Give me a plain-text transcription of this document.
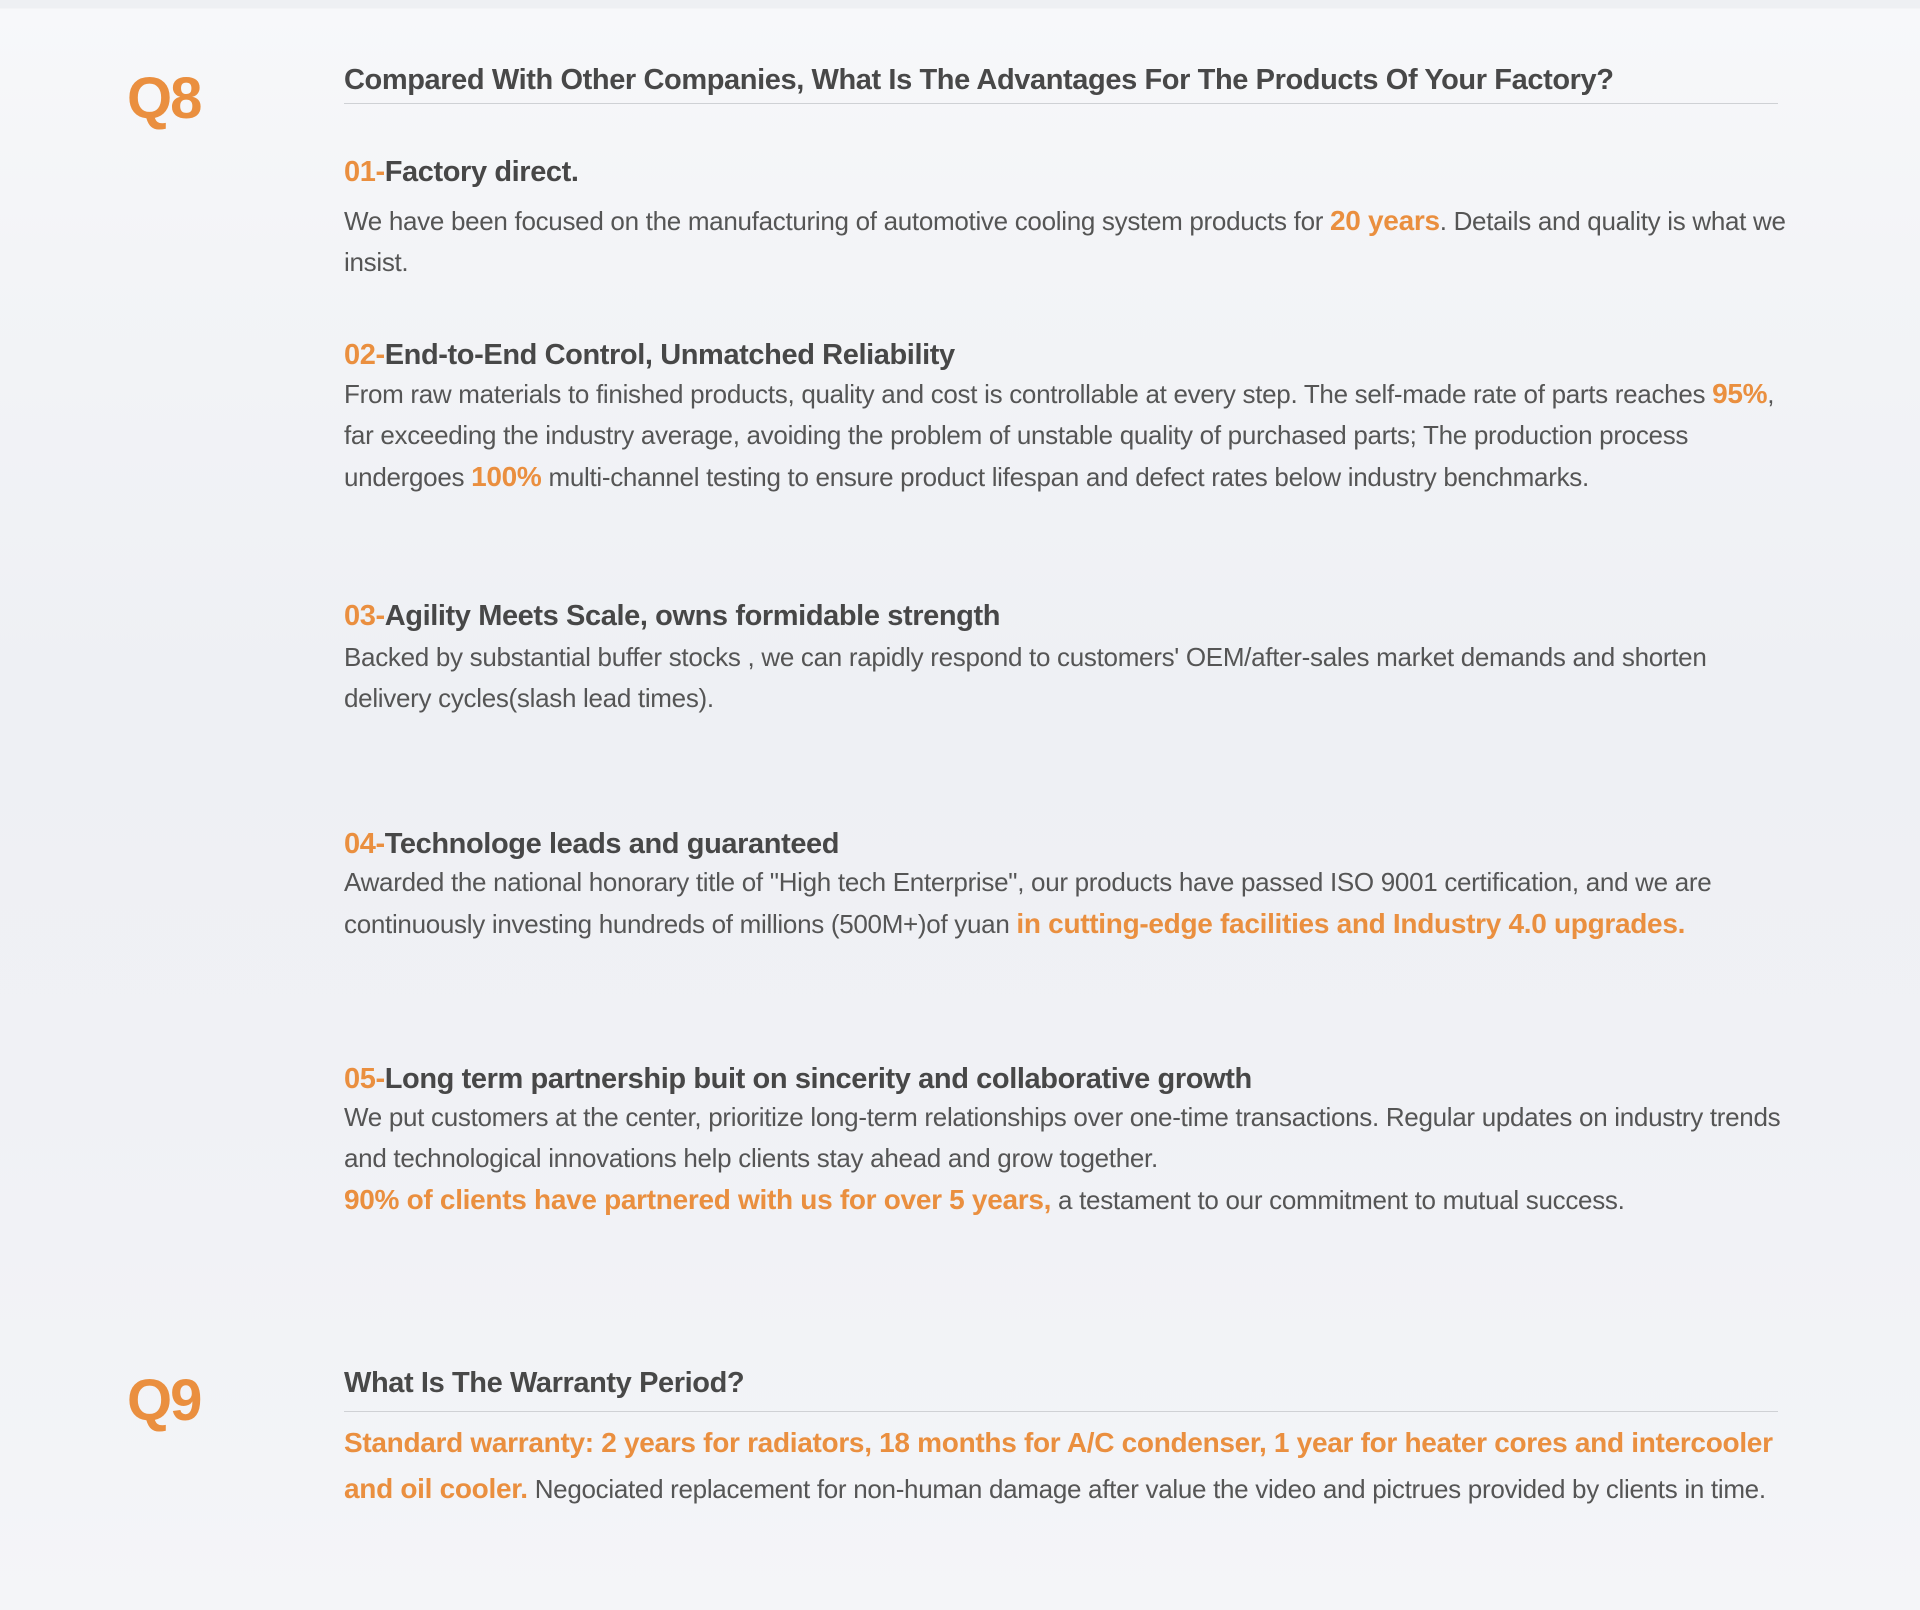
Q8	Compared With Other Companies, What Is The Advantages For The Products Of Your Factory?
01-Factory direct.
We have been focused on the manufacturing of automotive cooling system products for 20 years. Details and quality is what we insist.
02-End-to-End Control, Unmatched Reliability
From raw materials to finished products, quality and cost is controllable at every step. The self-made rate of parts reaches 95%, far exceeding the industry average, avoiding the problem of unstable quality of purchased parts; The production process undergoes 100% multi-channel testing to ensure product lifespan and defect rates below industry benchmarks.
03-Agility Meets Scale, owns formidable strength
Backed by substantial buffer stocks , we can rapidly respond to customers' OEM/after-sales market demands and shorten delivery cycles(slash lead times).
04-Technologe leads and guaranteed
Awarded the national honorary title of "High tech Enterprise", our products have passed ISO 9001 certification, and we are continuously investing hundreds of millions (500M+)of yuan in cutting-edge facilities and Industry 4.0 upgrades.
05-Long term partnership buit on sincerity and collaborative growth
We put customers at the center, prioritize long-term relationships over one-time transactions. Regular updates on industry trends and technological innovations help clients stay ahead and grow together.
90% of clients have partnered with us for over 5 years, a testament to our commitment to mutual success.
Q9	What Is The Warranty Period?
Standard warranty: 2 years for radiators, 18 months for A/C condenser, 1 year for heater cores and intercooler and oil cooler. Negociated replacement for non-human damage after value the video and pictrues provided by clients in time.
